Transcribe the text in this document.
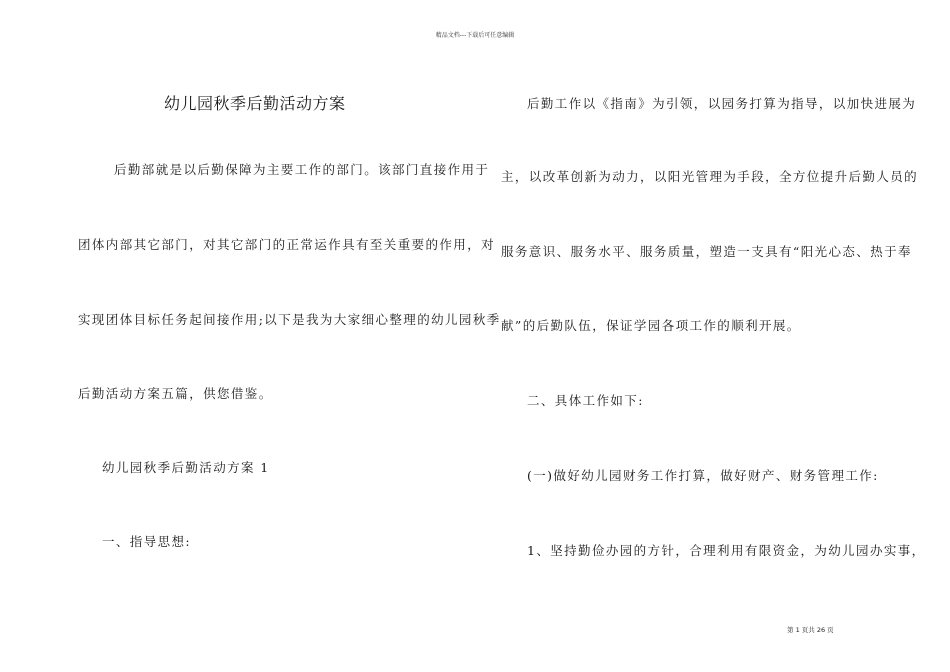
精品文档---下载后可任意编辑
幼儿园秋季后勤活动方案
后勤部就是以后勤保障为主要工作的部门。该部门直接作用于
团体内部其它部门，对其它部门的正常运作具有至关重要的作用，对
实现团体目标任务起间接作用;以下是我为大家细心整理的幼儿园秋季
后勤活动方案五篇，供您借鉴。
幼儿园秋季后勤活动方案 1
一、指导思想:
后勤工作以《指南》为引领，以园务打算为指导，以加快进展为
主，以改革创新为动力，以阳光管理为手段，全方位提升后勤人员的
服务意识、服务水平、服务质量，塑造一支具有“阳光心态、热于奉
献”的后勤队伍，保证学园各项工作的顺利开展。
二、具体工作如下:
(一)做好幼儿园财务工作打算，做好财产、财务管理工作:
1、坚持勤俭办园的方针，合理利用有限资金，为幼儿园办实事，
第 1 页共 26 页
